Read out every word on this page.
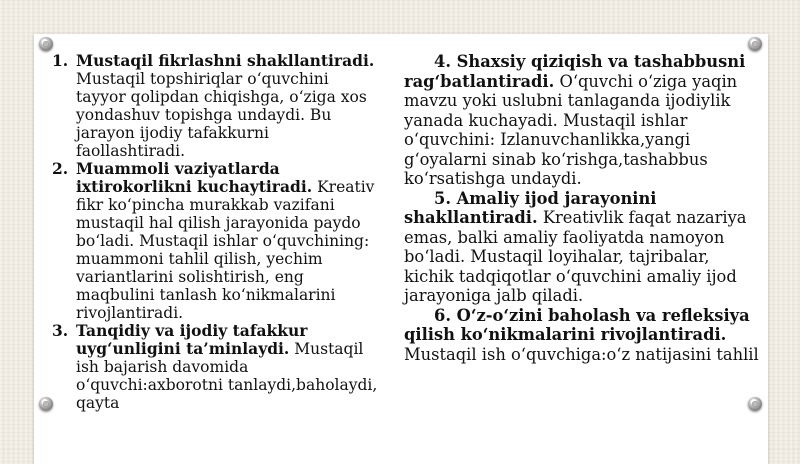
1. Mustaqil fikrlashni shakllantiradi. Mustaqil topshiriqlar o‘quvchini tayyor qolipdan chiqishga, o‘ziga xos yondashuv topishga undaydi. Bu jarayon ijodiy tafakkurni faollashtiradi.
2. Muammoli vaziyatlarda ixtirokorlikni kuchaytiradi. Kreativ fikr ko‘pincha murakkab vazifani mustaqil hal qilish jarayonida paydo bo‘ladi. Mustaqil ishlar o‘quvchining: muammoni tahlil qilish, yechim variantlarini solishtirish, eng maqbulini tanlash ko‘nikmalarini rivojlantiradi.
3. Tanqidiy va ijodiy tafakkur uyg‘unligini ta’minlaydi. Mustaqil ish bajarish davomida o‘quvchi:axborotni tanlaydi,baholaydi, qayta
4. Shaxsiy qiziqish va tashabbusni rag‘batlantiradi. O‘quvchi o‘ziga yaqin mavzu yoki uslubni tanlaganda ijodiylik yanada kuchayadi. Mustaqil ishlar o‘quvchini: Izlanuvchanlikka,yangi g‘oyalarni sinab ko‘rishga,tashabbus ko‘rsatishga undaydi.
5. Amaliy ijod jarayonini shakllantiradi. Kreativlik faqat nazariya emas, balki amaliy faoliyatda namoyon bo‘ladi. Mustaqil loyihalar, tajribalar, kichik tadqiqotlar o‘quvchini amaliy ijod jarayoniga jalb qiladi.
6. O‘z-o‘zini baholash va refleksiya qilish ko‘nikmalarini rivojlantiradi. Mustaqil ish o‘quvchiga:o‘z natijasini tahlil
